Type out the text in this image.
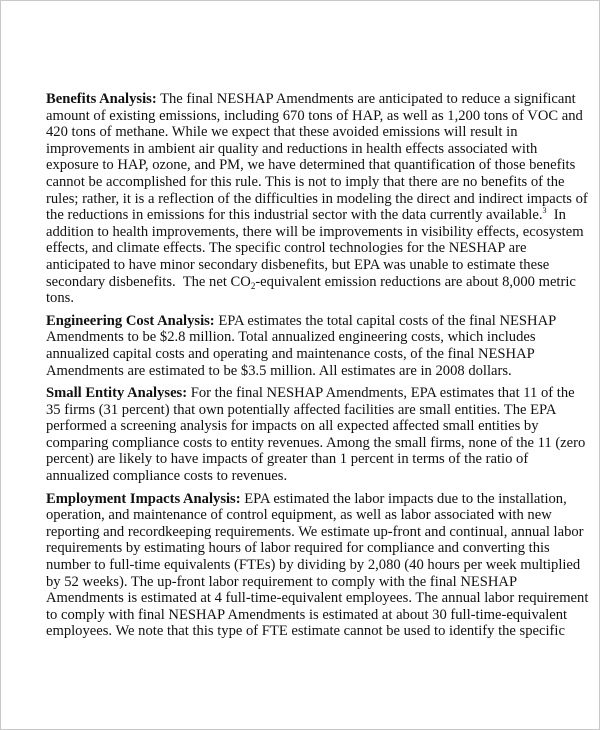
Benefits Analysis: The final NESHAP Amendments are anticipated to reduce a significant
amount of existing emissions, including 670 tons of HAP, as well as 1,200 tons of VOC and
420 tons of methane. While we expect that these avoided emissions will result in
improvements in ambient air quality and reductions in health effects associated with
exposure to HAP, ozone, and PM, we have determined that quantification of those benefits
cannot be accomplished for this rule. This is not to imply that there are no benefits of the
rules; rather, it is a reflection of the difficulties in modeling the direct and indirect impacts of
the reductions in emissions for this industrial sector with the data currently available.$^3$  In
addition to health improvements, there will be improvements in visibility effects, ecosystem
effects, and climate effects. The specific control technologies for the NESHAP are
anticipated to have minor secondary disbenefits, but EPA was unable to estimate these
secondary disbenefits.  The net $CO_2$-equivalent emission reductions are about 8,000 metric
tons.

Engineering Cost Analysis: EPA estimates the total capital costs of the final NESHAP
Amendments to be $2.8 million. Total annualized engineering costs, which includes
annualized capital costs and operating and maintenance costs, of the final NESHAP
Amendments are estimated to be $3.5 million. All estimates are in 2008 dollars.

Small Entity Analyses: For the final NESHAP Amendments, EPA estimates that 11 of the
35 firms (31 percent) that own potentially affected facilities are small entities. The EPA
performed a screening analysis for impacts on all expected affected small entities by
comparing compliance costs to entity revenues. Among the small firms, none of the 11 (zero
percent) are likely to have impacts of greater than 1 percent in terms of the ratio of
annualized compliance costs to revenues.

Employment Impacts Analysis: EPA estimated the labor impacts due to the installation,
operation, and maintenance of control equipment, as well as labor associated with new
reporting and recordkeeping requirements. We estimate up-front and continual, annual labor
requirements by estimating hours of labor required for compliance and converting this
number to full-time equivalents (FTEs) by dividing by 2,080 (40 hours per week multiplied
by 52 weeks). The up-front labor requirement to comply with the final NESHAP
Amendments is estimated at 4 full-time-equivalent employees. The annual labor requirement
to comply with final NESHAP Amendments is estimated at about 30 full-time-equivalent
employees. We note that this type of FTE estimate cannot be used to identify the specific
